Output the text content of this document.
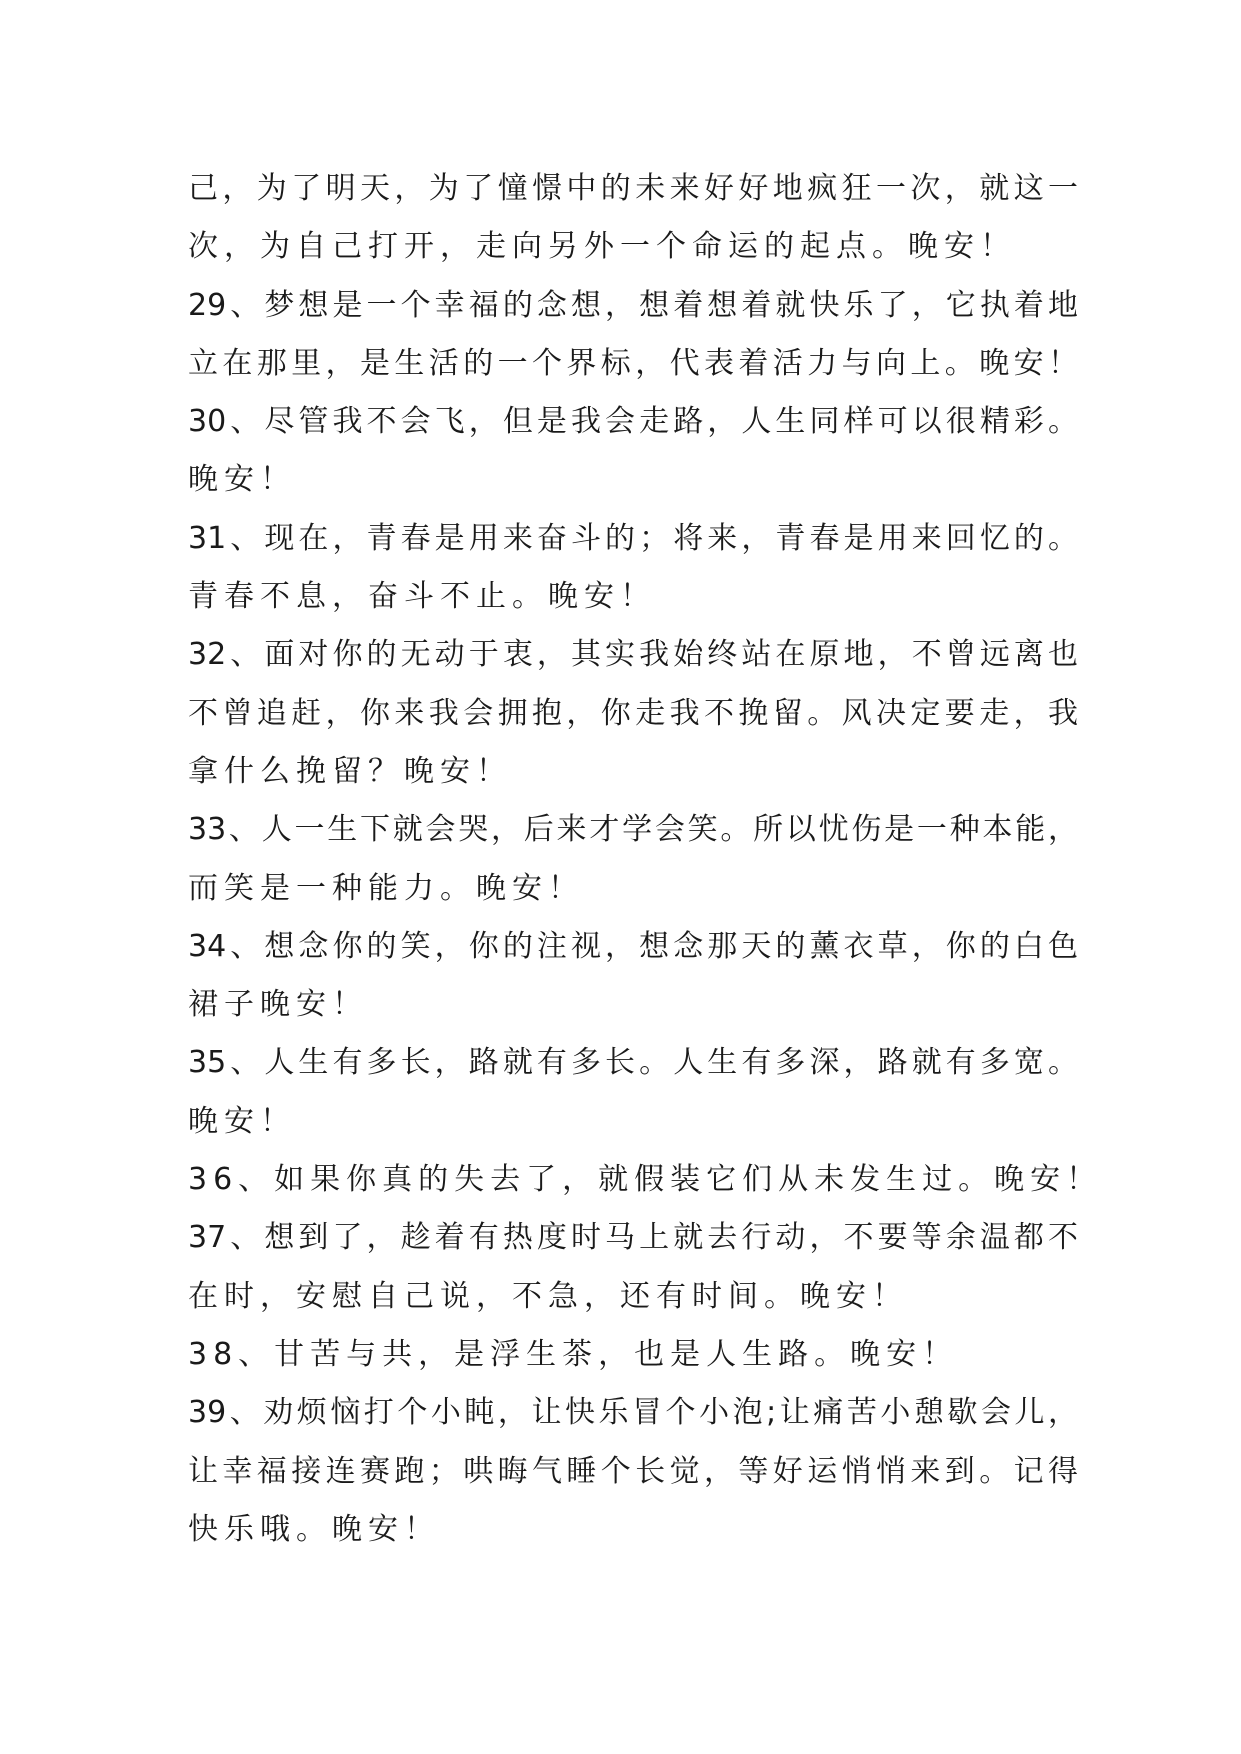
己，为了明天，为了憧憬中的未来好好地疯狂一次，就这一
次，为自己打开，走向另外一个命运的起点。晚安！
29、梦想是一个幸福的念想，想着想着就快乐了，它执着地
立在那里，是生活的一个界标，代表着活力与向上。晚安！
30、尽管我不会飞，但是我会走路，人生同样可以很精彩。
晚安！
31、现在，青春是用来奋斗的；将来，青春是用来回忆的。
青春不息，奋斗不止。晚安！
32、面对你的无动于衷，其实我始终站在原地，不曾远离也
不曾追赶，你来我会拥抱，你走我不挽留。风决定要走，我
拿什么挽留？晚安！
33、人一生下就会哭，后来才学会笑。所以忧伤是一种本能，
而笑是一种能力。晚安！
34、想念你的笑，你的注视，想念那天的薰衣草，你的白色
裙子晚安！
35、人生有多长，路就有多长。人生有多深，路就有多宽。
晚安！
36、如果你真的失去了，就假装它们从未发生过。晚安！
37、想到了，趁着有热度时马上就去行动，不要等余温都不
在时，安慰自己说，不急，还有时间。晚安！
38、甘苦与共，是浮生茶，也是人生路。晚安！
39、劝烦恼打个小盹，让快乐冒个小泡;让痛苦小憩歇会儿，
让幸福接连赛跑；哄晦气睡个长觉，等好运悄悄来到。记得
快乐哦。晚安！
